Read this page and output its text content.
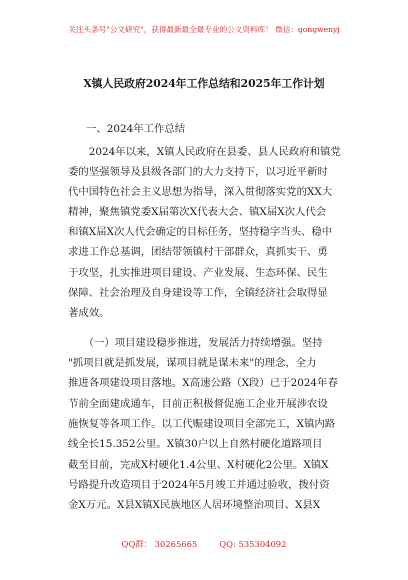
关注头条号"公文研究"，获得最新最全最专业的公文资料库！ 微信：gongwenyj
X镇人民政府2024年工作总结和2025年工作计划
一、2024年工作总结
　　2024年以来，X镇人民政府在县委、县人民政府和镇党
委的坚强领导及县级各部门的大力支持下，以习近平新时
代中国特色社会主义思想为指导，深入贯彻落实党的XX大
精神，聚焦镇党委X届第次X代表大会、镇X届X次人代会
和镇X届X次人代会确定的目标任务，坚持稳字当头、稳中
求进工作总基调，团结带领镇村干部群众，真抓实干、勇
于攻坚，扎实推进项目建设、产业发展、生态环保、民生
保障、社会治理及自身建设等工作，全镇经济社会取得显
著成效。
　　（一）项目建设稳步推进，发展活力持续增强。坚持
"抓项目就是抓发展，谋项目就是谋未来"的理念，全力
推进各项建设项目落地。X高速公路（X段）已于2024年春
节前全面建成通车，目前正积极督促施工企业开展涉农设
施恢复等各项工作。以工代赈建设项目全部完工，X镇内路
线全长15.352公里。X镇30户以上自然村硬化道路项目
截至目前，完成X村硬化1.4公里、X村硬化2公里。X镇X
号路提升改造项目于2024年5月竣工并通过验收，拨付资
金X万元。X县X镇X民族地区人居环境整治项目、X县X
QQ群： 30265665	QQ: 535304092
